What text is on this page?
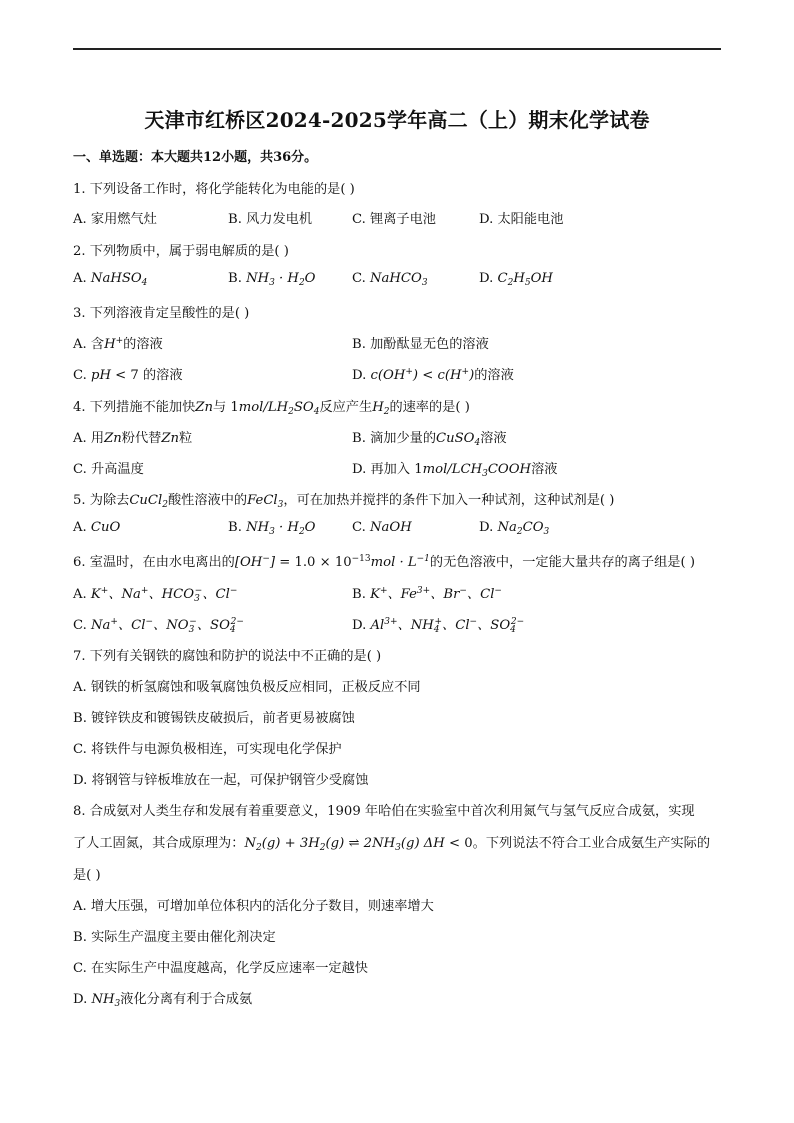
天津市红桥区2024-2025学年高二（上）期末化学试卷
一、单选题：本大题共12小题，共36分。
1. 下列设备工作时，将化学能转化为电能的是( )
A. 家用燃气灶	B. 风力发电机	C. 锂离子电池	D. 太阳能电池
2. 下列物质中，属于弱电解质的是( )
A. NaHSO$_4$	B. $NH_3 \cdot H_2O$	C. NaHCO$_3$	D. $C_2H_5OH$
3. 下列溶液肯定呈酸性的是( )
A. 含H+的溶液	B. 加酚酞显无色的溶液
C. pH < 7 的溶液	D. c(OH+) < c(H+)的溶液
4. 下列措施不能加快Zn与 $1mol/LH_2SO_4$反应产生$H_2$的速率的是( )
A. 用Zn粉代替Zn粒	B. 滴加少量的CuSO$_4$溶液
C. 升高温度	D. 再加入 $1mol/LCH_3COOH$溶液
5. 为除去CuCl$_2$酸性溶液中的FeCl$_3$，可在加热并搅拌的条件下加入一种试剂，这种试剂是( )
A. CuO	B. $NH_3 \cdot H_2O$	C. NaOH	D. $Na_2CO_3$
6. 室温时，在由水电离出的$[OH^-] = 1.0 \times 10^{-13}mol \cdot L^{-1}$的无色溶液中，一定能大量共存的离子组是( )
A. K+、Na+、$HCO_3^-$、Cl−	B. K+、$Fe^{3+}$、Br−、Cl−
C. Na+、Cl−、$NO_3^-$、$SO_4^{2-}$	D. $Al^{3+}$、$NH_4^+$、Cl−、$SO_4^{2-}$
7. 下列有关钢铁的腐蚀和防护的说法中不正确的是( )
A. 钢铁的析氢腐蚀和吸氧腐蚀负极反应相同，正极反应不同
B. 镀锌铁皮和镀锡铁皮破损后，前者更易被腐蚀
C. 将铁件与电源负极相连，可实现电化学保护
D. 将钢管与锌板堆放在一起，可保护钢管少受腐蚀
8. 合成氨对人类生存和发展有着重要意义，1909 年哈伯在实验室中首次利用氮气与氢气反应合成氨，实现
了人工固氮，其合成原理为：$N_2(g) + 3H_2(g)$ ⇌ $2NH_3(g) \Delta H < 0$。下列说法不符合工业合成氨生产实际的
是( )
A. 增大压强，可增加单位体积内的活化分子数目，则速率增大
B. 实际生产温度主要由催化剂决定
C. 在实际生产中温度越高，化学反应速率一定越快
D. $NH_3$液化分离有利于合成氨
